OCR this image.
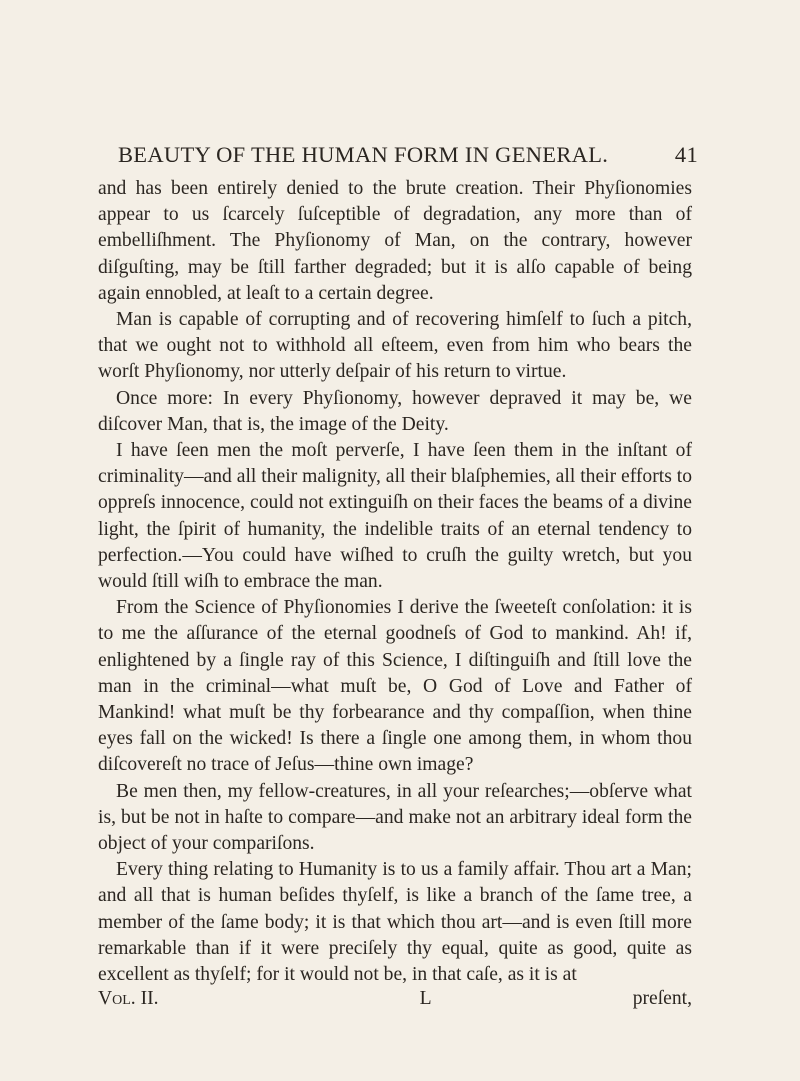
BEAUTY OF THE HUMAN FORM IN GENERAL.	41

and has been entirely denied to the brute creation. Their Phyſionomies appear to us ſcarcely ſuſceptible of degradation, any more than of embelliſhment. The Phyſionomy of Man, on the contrary, however diſguſting, may be ſtill farther degraded; but it is alſo capable of being again ennobled, at leaſt to a certain degree.

Man is capable of corrupting and of recovering himſelf to ſuch a pitch, that we ought not to withhold all eſteem, even from him who bears the worſt Phyſionomy, nor utterly deſpair of his return to virtue.

Once more: In every Phyſionomy, however depraved it may be, we diſcover Man, that is, the image of the Deity.

I have ſeen men the moſt perverſe, I have ſeen them in the inſtant of criminality—and all their malignity, all their blaſphemies, all their efforts to oppreſs innocence, could not extinguiſh on their faces the beams of a divine light, the ſpirit of humanity, the indelible traits of an eternal tendency to perfection.—You could have wiſhed to cruſh the guilty wretch, but you would ſtill wiſh to embrace the man.

From the Science of Phyſionomies I derive the ſweeteſt conſolation: it is to me the aſſurance of the eternal goodneſs of God to mankind. Ah! if, enlightened by a ſingle ray of this Science, I diſtinguiſh and ſtill love the man in the criminal—what muſt be, O God of Love and Father of Mankind! what muſt be thy forbearance and thy compaſſion, when thine eyes fall on the wicked! Is there a ſingle one among them, in whom thou diſcovereſt no trace of Jeſus—thine own image?

Be men then, my fellow-creatures, in all your reſearches;—obſerve what is, but be not in haſte to compare—and make not an arbitrary ideal form the object of your compariſons.

Every thing relating to Humanity is to us a family affair. Thou art a Man; and all that is human beſides thyſelf, is like a branch of the ſame tree, a member of the ſame body; it is that which thou art—and is even ſtill more remarkable than if it were preciſely thy equal, quite as good, quite as excellent as thyſelf; for it would not be, in that caſe, as it is at

Vol. II.	L	preſent,
